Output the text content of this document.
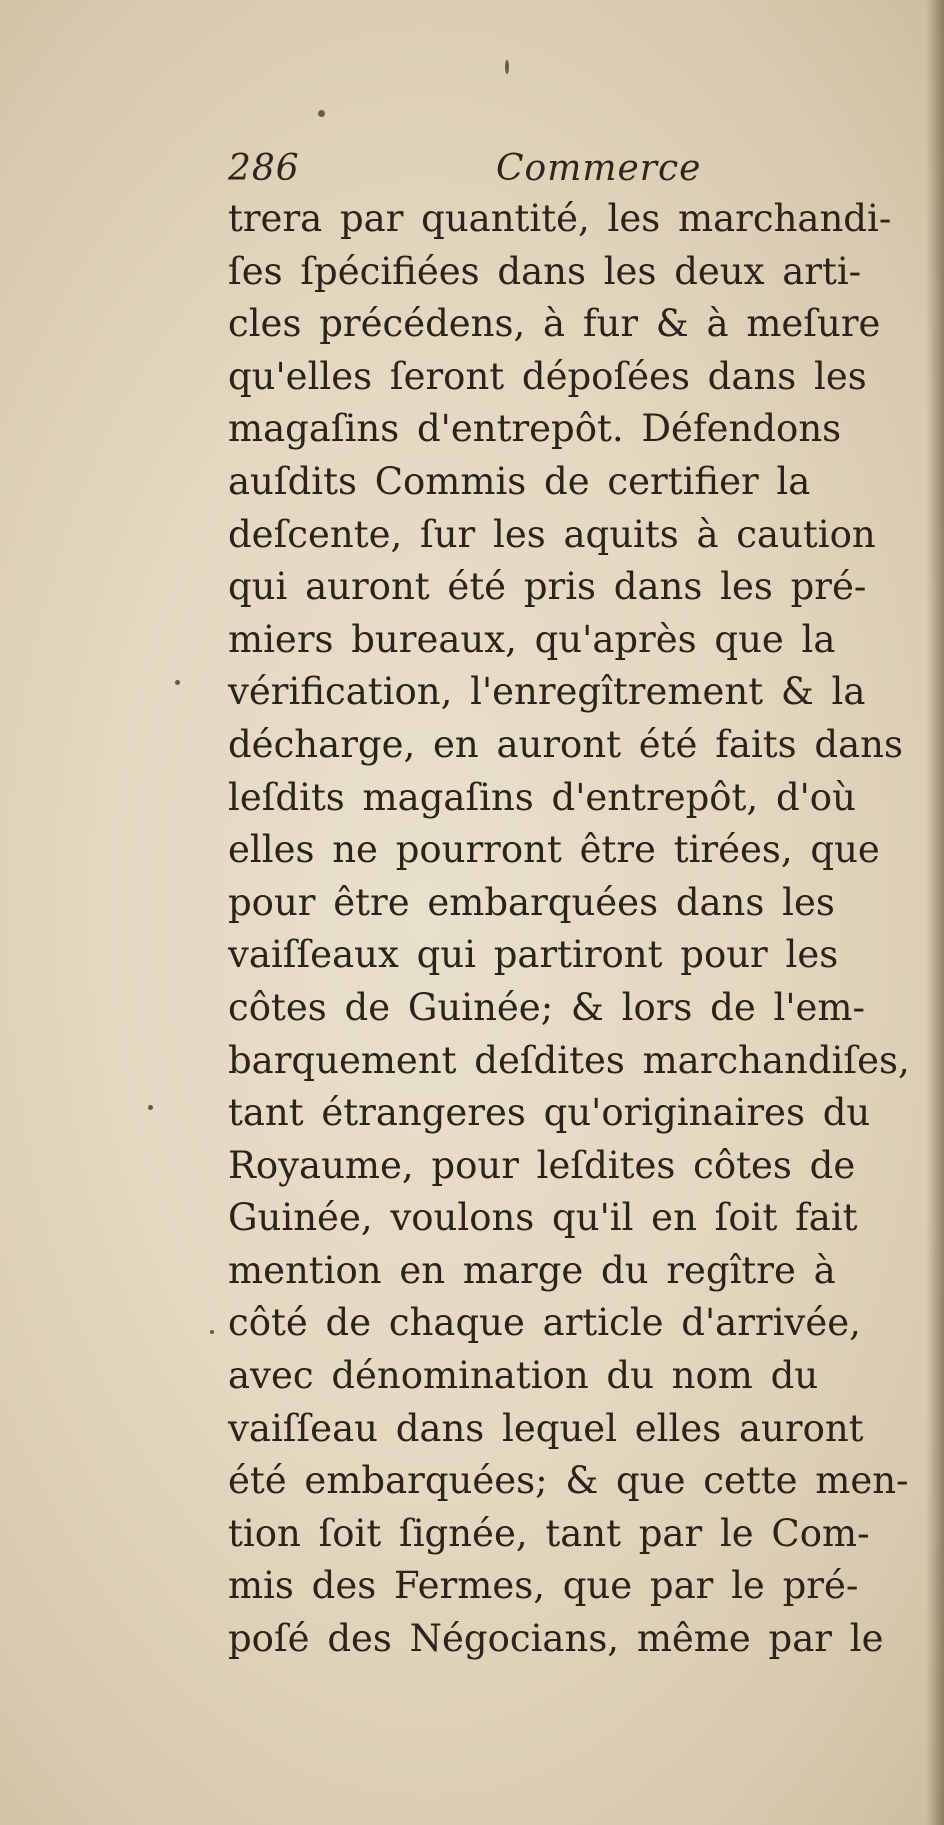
286	Commerce
trera par quantité, les marchandi-
ſes ſpécifiées dans les deux arti-
cles précédens, à fur & à meſure
qu'elles ſeront dépoſées dans les
magaſins d'entrepôt. Défendons
auſdits Commis de certifier la
deſcente, ſur les aquits à caution
qui auront été pris dans les pré-
miers bureaux, qu'après que la
vérification, l'enregîtrement & la
décharge, en auront été faits dans
leſdits magaſins d'entrepôt, d'où
elles ne pourront être tirées, que
pour être embarquées dans les
vaiſſeaux qui partiront pour les
côtes de Guinée; & lors de l'em-
barquement deſdites marchandiſes,
tant étrangeres qu'originaires du
Royaume, pour leſdites côtes de
Guinée, voulons qu'il en ſoit fait
mention en marge du regître à
côté de chaque article d'arrivée,
avec dénomination du nom du
vaiſſeau dans lequel elles auront
été embarquées; & que cette men-
tion ſoit ſignée, tant par le Com-
mis des Fermes, que par le pré-
poſé des Négocians, même par le
